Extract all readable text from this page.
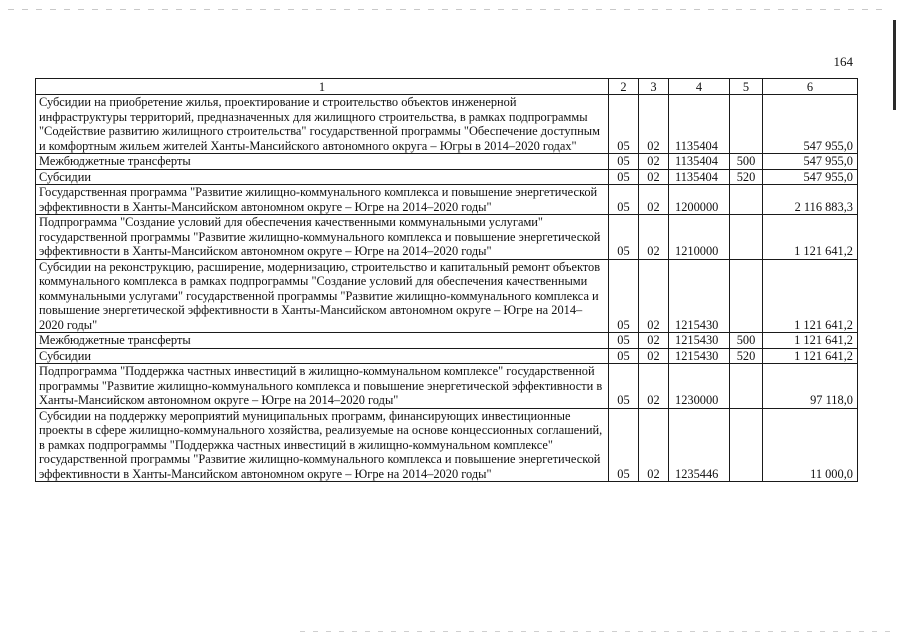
164
1	2	3	4	5	6
Субсидии на приобретение жилья, проектирование и строительство объектов инженерной инфраструктуры территорий, предназначенных для жилищного строительства, в рамках подпрограммы "Содействие развитию жилищного строительства" государственной программы "Обеспечение доступным и комфортным жильем жителей Ханты-Мансийского автономного округа – Югры в 2014–2020 годах"	05	02	1135404		547 955,0
Межбюджетные трансферты	05	02	1135404	500	547 955,0
Субсидии	05	02	1135404	520	547 955,0
Государственная программа "Развитие жилищно-коммунального комплекса и повышение энергетической эффективности в Ханты-Мансийском автономном округе – Югре на 2014–2020 годы"	05	02	1200000		2 116 883,3
Подпрограмма "Создание условий для обеспечения качественными коммунальными услугами" государственной программы "Развитие жилищно-коммунального комплекса и повышение энергетической эффективности в Ханты-Мансийском автономном округе – Югре на 2014–2020 годы"	05	02	1210000		1 121 641,2
Субсидии на реконструкцию, расширение, модернизацию, строительство и капитальный ремонт объектов коммунального комплекса в рамках подпрограммы "Создание условий для обеспечения качественными коммунальными услугами" государственной программы "Развитие жилищно-коммунального комплекса и повышение энергетической эффективности в Ханты-Мансийском автономном округе – Югре на 2014–2020 годы"	05	02	1215430		1 121 641,2
Межбюджетные трансферты	05	02	1215430	500	1 121 641,2
Субсидии	05	02	1215430	520	1 121 641,2
Подпрограмма "Поддержка частных инвестиций в жилищно-коммунальном комплексе" государственной программы "Развитие жилищно-коммунального комплекса и повышение энергетической эффективности в Ханты-Мансийском автономном округе – Югре на 2014–2020 годы"	05	02	1230000		97 118,0
Субсидии на поддержку мероприятий муниципальных программ, финансирующих инвестиционные проекты в сфере жилищно-коммунального хозяйства, реализуемые на основе концессионных соглашений, в рамках подпрограммы "Поддержка частных инвестиций в жилищно-коммунальном комплексе" государственной программы "Развитие жилищно-коммунального комплекса и повышение энергетической эффективности в Ханты-Мансийском автономном округе – Югре на 2014–2020 годы"	05	02	1235446		11 000,0
